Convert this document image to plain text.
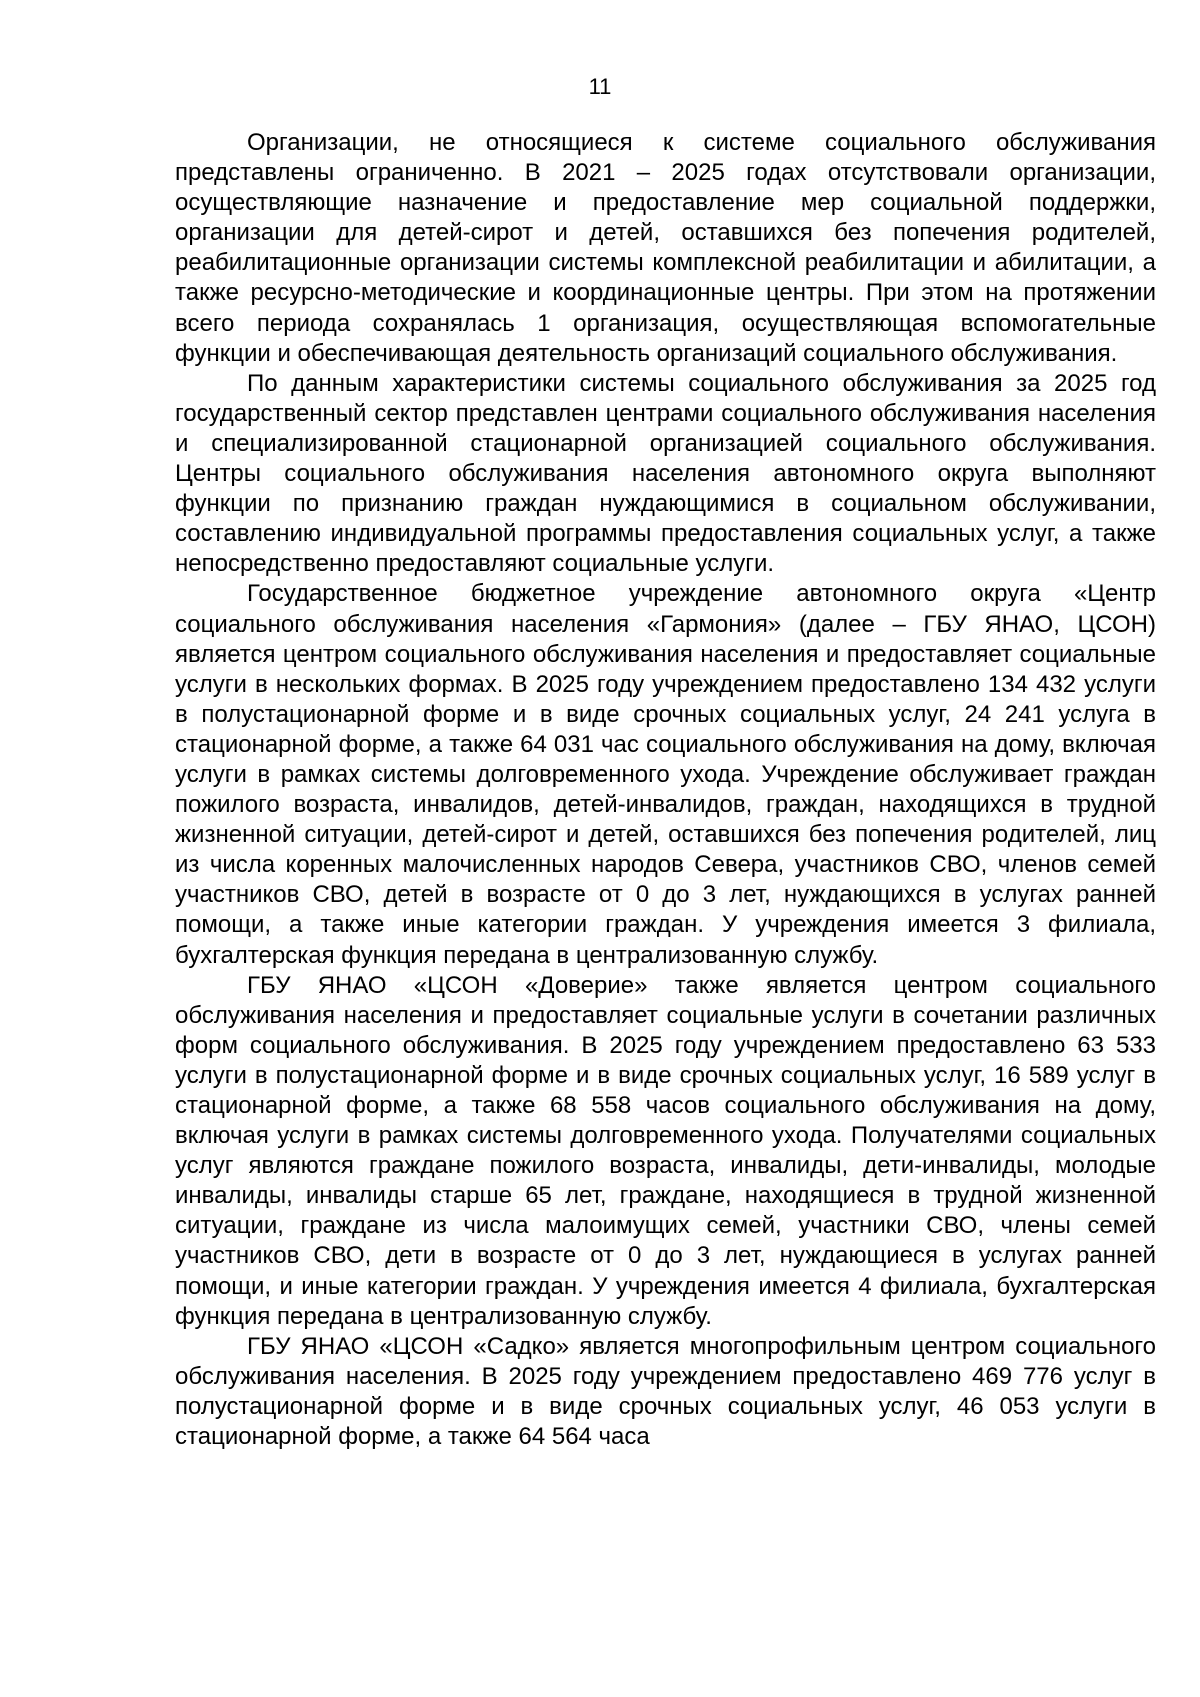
11

Организации, не относящиеся к системе социального обслуживания представлены ограниченно. В 2021 – 2025 годах отсутствовали организации, осуществляющие назначение и предоставление мер социальной поддержки, организации для детей-сирот и детей, оставшихся без попечения родителей, реабилитационные организации системы комплексной реабилитации и абилитации, а также ресурсно-методические и координационные центры. При этом на протяжении всего периода сохранялась 1 организация, осуществляющая вспомогательные функции и обеспечивающая деятельность организаций социального обслуживания.

По данным характеристики системы социального обслуживания за 2025 год государственный сектор представлен центрами социального обслуживания населения и специализированной стационарной организацией социального обслуживания. Центры социального обслуживания населения автономного округа выполняют функции по признанию граждан нуждающимися в социальном обслуживании, составлению индивидуальной программы предоставления социальных услуг, а также непосредственно предоставляют социальные услуги.

Государственное бюджетное учреждение автономного округа «Центр социального обслуживания населения «Гармония» (далее – ГБУ ЯНАО, ЦСОН) является центром социального обслуживания населения и предоставляет социальные услуги в нескольких формах. В 2025 году учреждением предоставлено 134 432 услуги в полустационарной форме и в виде срочных социальных услуг, 24 241 услуга в стационарной форме, а также 64 031 час социального обслуживания на дому, включая услуги в рамках системы долговременного ухода. Учреждение обслуживает граждан пожилого возраста, инвалидов, детей-инвалидов, граждан, находящихся в трудной жизненной ситуации, детей-сирот и детей, оставшихся без попечения родителей, лиц из числа коренных малочисленных народов Севера, участников СВО, членов семей участников СВО, детей в возрасте от 0 до 3 лет, нуждающихся в услугах ранней помощи, а также иные категории граждан. У учреждения имеется 3 филиала, бухгалтерская функция передана в централизованную службу.

ГБУ ЯНАО «ЦСОН «Доверие» также является центром социального обслуживания населения и предоставляет социальные услуги в сочетании различных форм социального обслуживания. В 2025 году учреждением предоставлено 63 533 услуги в полустационарной форме и в виде срочных социальных услуг, 16 589 услуг в стационарной форме, а также 68 558 часов социального обслуживания на дому, включая услуги в рамках системы долговременного ухода. Получателями социальных услуг являются граждане пожилого возраста, инвалиды, дети-инвалиды, молодые инвалиды, инвалиды старше 65 лет, граждане, находящиеся в трудной жизненной ситуации, граждане из числа малоимущих семей, участники СВО, члены семей участников СВО, дети в возрасте от 0 до 3 лет, нуждающиеся в услугах ранней помощи, и иные категории граждан. У учреждения имеется 4 филиала, бухгалтерская функция передана в централизованную службу.

ГБУ ЯНАО «ЦСОН «Садко» является многопрофильным центром социального обслуживания населения. В 2025 году учреждением предоставлено 469 776 услуг в полустационарной форме и в виде срочных социальных услуг, 46 053 услуги в стационарной форме, а также 64 564 часа
